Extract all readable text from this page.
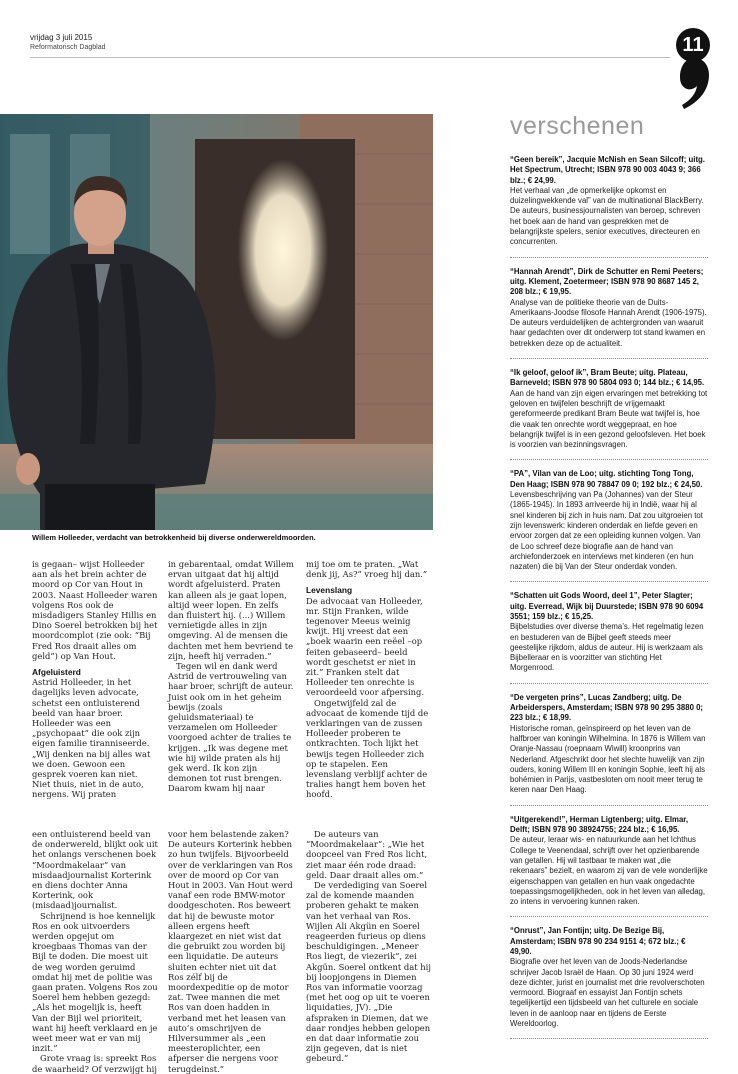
vrijdag 3 juli 2015
Reformatorisch Dagblad	11
Willem Holleeder, verdacht van betrokkenheid bij diverse onderwereldmoorden.

is gegaan– wijst Holleeder aan als het brein achter de moord op Cor van Hout in 2003. Naast Holleeder waren volgens Ros ook de misdadigers Stanley Hillis en Dino Soerel betrokken bij het moordcomplot (zie ook: “Bij Fred Ros draait alles om geld”) op Van Hout.

Afgeluisterd

Astrid Holleeder, in het dagelijks leven advocate, schetst een ontluisterend beeld van haar broer. Holleeder was een „psychopaat” die ook zijn eigen familie tiranniseerde. „Wij denken na bij alles wat we doen. Gewoon een gesprek voeren kan niet. Niet thuis, niet in de auto, nergens. Wij praten

in gebarentaal, omdat Willem ervan uitgaat dat hij altijd wordt afgeluisterd. Praten kan alleen als je gaat lopen, altijd weer lopen. En zelfs dan fluistert hij. (...) Willem vernietigde alles in zijn omgeving. Al de mensen die dachten met hem bevriend te zijn, heeft hij verraden.”

Tegen wil en dank werd Astrid de vertrouweling van haar broer, schrijft de auteur. Juist ook om in het geheim bewijs (zoals geluidsmateriaal) te verzamelen om Holleeder voorgoed achter de tralies te krijgen. „Ik was degene met wie hij wilde praten als hij gek werd. Ik kon zijn demonen tot rust brengen. Daarom kwam hij naar

mij toe om te praten. „Wat denk jij, As?” vroeg hij dan.”

Levenslang

De advocaat van Holleeder, mr. Stijn Franken, wilde tegenover Meeus weinig kwijt. Hij vreest dat een „boek waarin een reëel –op feiten gebaseerd– beeld wordt geschetst er niet in zit.” Franken stelt dat Holleeder ten onrechte is veroordeeld voor afpersing.

Ongetwijfeld zal de advocaat de komende tijd de verklaringen van de zussen Holleeder proberen te ontkrachten. Toch lijkt het bewijs tegen Holleeder zich op te stapelen. Een levenslang verblijf achter de tralies hangt hem boven het hoofd.

een ontluisterend beeld van de onderwereld, blijkt ook uit het onlangs verschenen boek “Moordmakelaar” van misdaadjournalist Korterink en diens dochter Anna Korterink, ook (misdaad)journalist.

Schrijnend is hoe kennelijk Ros en ook uitvoerders werden opgejut om kroegbaas Thomas van der Bijl te doden. Die moest uit de weg worden geruimd omdat hij met de politie was gaan praten. Volgens Ros zou Soerel hem hebben gezegd: „Als het mogelijk is, heeft Van der Bijl wel prioriteit, want hij heeft verklaard en je weet meer wat er van mij inzit.”

Grote vraag is: spreekt Ros de waarheid? Of verzwijgt hij

voor hem belastende zaken? De auteurs Korterink hebben zo hun twijfels. Bijvoorbeeld over de verklaringen van Ros over de moord op Cor van Hout in 2003. Van Hout werd vanaf een rode BMW-motor doodgeschoten. Ros beweert dat hij de bewuste motor alleen ergens heeft klaargezet en niet wist dat die gebruikt zou worden bij een liquidatie. De auteurs sluiten echter niet uit dat Ros zélf bij de moordexpeditie op de motor zat. Twee mannen die met Ros van doen hadden in verband met het leasen van auto’s omschrijven de Hilversummer als „een meesteroplichter, een afperser die nergens voor terugdeinst.”

De auteurs van “Moordmakelaar”: „Wie het doopceel van Fred Ros licht, ziet maar één rode draad: geld. Daar draait alles om.”

De verdediging van Soerel zal de komende maanden proberen gehakt te maken van het verhaal van Ros. Wijlen Ali Akgün en Soerel reageerden furieus op diens beschuldigingen. „Meneer Ros liegt, de viezerik”, zei Akgün. Soerel ontkent dat hij bij loopjongens in Diemen Ros van informatie voorzag (met het oog op uit te voeren liquidaties, JV). „Die afspraken in Diemen, dat we daar rondjes hebben gelopen en dat daar informatie zou zijn gegeven, dat is niet gebeurd.”

verschenen
“Geen bereik”, Jacquie McNish en Sean Silcoff; uitg. Het Spectrum, Utrecht; ISBN 978 90 003 4043 9; 366 blz.; € 24,99.
Het verhaal van „de opmerkelijke opkomst en duizelingwekkende val” van de multinational BlackBerry. De auteurs, businessjournalisten van beroep, schreven het boek aan de hand van gesprekken met de belangrijkste spelers, senior executives, directeuren en concurrenten.
“Hannah Arendt”, Dirk de Schutter en Remi Peeters; uitg. Klement, Zoetermeer; ISBN 978 90 8687 145 2, 208 blz.; € 19,95.
Analyse van de politieke theorie van de Duits-Amerikaans-Joodse filosofe Hannah Arendt (1906-1975). De auteurs verduidelijken de achtergronden van waaruit haar gedachten over dit onderwerp tot stand kwamen en betrekken deze op de actualiteit.
“Ik geloof, geloof ik”, Bram Beute; uitg. Plateau, Barneveld; ISBN 978 90 5804 093 0; 144 blz.; € 14,95.
Aan de hand van zijn eigen ervaringen met betrekking tot geloven en twijfelen beschrijft de vrijgemaakt gereformeerde predikant Bram Beute wat twijfel is, hoe die vaak ten onrechte wordt weggepraat, en hoe belangrijk twijfel is in een gezond geloofsleven. Het boek is voorzien van bezinningsvragen.
“PA”, Vilan van de Loo; uitg. stichting Tong Tong, Den Haag; ISBN 978 90 78847 09 0; 192 blz.; € 24,50.
Levensbeschrijving van Pa (Johannes) van der Steur (1865-1945). In 1893 arriveerde hij in Indië, waar hij al snel kinderen bij zich in huis nam. Dat zou uitgroeien tot zijn levenswerk: kinderen onderdak en liefde geven en ervoor zorgen dat ze een opleiding kunnen volgen. Van de Loo schreef deze biografie aan de hand van archiefonderzoek en interviews met kinderen (en hun nazaten) die bij Van der Steur onderdak vonden.
“Schatten uit Gods Woord, deel 1”, Peter Slagter; uitg. Everread, Wijk bij Duurstede; ISBN 978 90 6094 3551; 159 blz.; € 15,25.
Bijbelstudies over diverse thema’s. Het regelmatig lezen en bestuderen van de Bijbel geeft steeds meer geestelijke rijkdom, aldus de auteur. Hij is werkzaam als Bijbelleraar en is voorzitter van stichting Het Morgenrood.
“De vergeten prins”, Lucas Zandberg; uitg. De Arbeiderspers, Amsterdam; ISBN 978 90 295 3880 0; 223 blz.; € 18,99.
Historische roman, geïnspireerd op het leven van de halfbroer van koningin Wilhelmina. In 1876 is Willem van Oranje-Nassau (roepnaam Wiwill) kroonprins van Nederland. Afgeschrikt door het slechte huwelijk van zijn ouders, koning Willem III en koningin Sophie, leeft hij als bohémien in Parijs, vastbesloten om nooit meer terug te keren naar Den Haag.
“Uitgerekend!”, Herman Ligtenberg; uitg. Elmar, Delft; ISBN 978 90 38924755; 224 blz.; € 16,95.
De auteur, leraar wis- en natuurkunde aan het Ichthus College te Veenendaal, schrijft over het opzienbarende van getallen. Hij wil tastbaar te maken wat „die rekenaars” bezielt, en waarom zij van de vele wonderlijke eigenschappen van getallen en hun vaak ongedachte toepassingsmogelijkheden, ook in het leven van alledag, zo intens in vervoering kunnen raken.
“Onrust”, Jan Fontijn; uitg. De Bezige Bij, Amsterdam; ISBN 978 90 234 9151 4; 672 blz.; € 49,90.
Biografie over het leven van de Joods-Nederlandse schrijver Jacob Israël de Haan. Op 30 juni 1924 werd deze dichter, jurist en journalist met drie revolverschoten vermoord. Biograaf en essayist Jan Fontijn schets tegelijkertijd een tijdsbeeld van het culturele en sociale leven in de aanloop naar en tijdens de Eerste Wereldoorlog.
